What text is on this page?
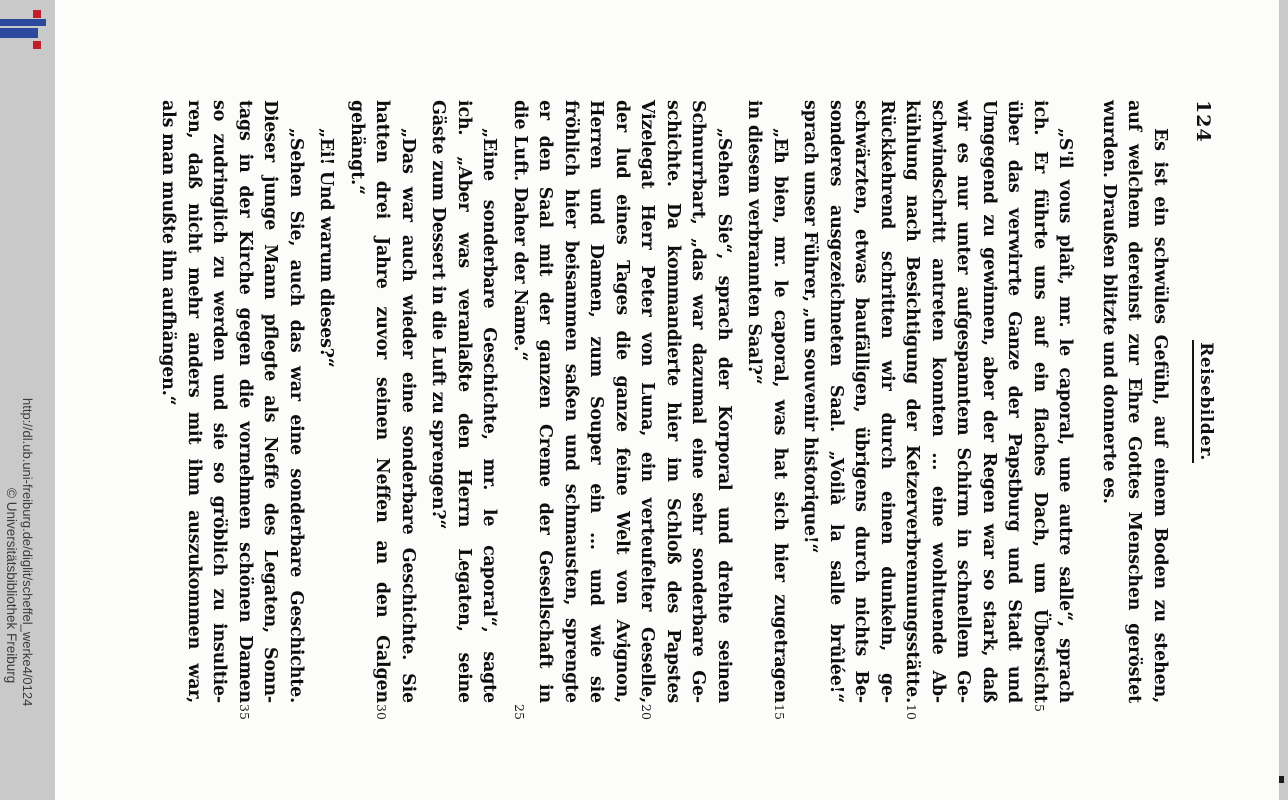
124
Reisebilder.
Es ist ein schwüles Gefühl, auf einem Boden zu stehen,
auf welchem dereinst zur Ehre Gottes Menschen geröstet
wurden. Draußen blitzte und donnerte es.
„S'il vous plaît, mr. le caporal, une autre salle“, sprach
ich. Er führte uns auf ein flaches Dach, um Übersicht
5
über das verwirrte Ganze der Papstburg und Stadt und
Umgegend zu gewinnen, aber der Regen war so stark, daß
wir es nur unter aufgespanntem Schirm in schnellem Ge-
schwindschritt antreten konnten ... eine wohltuende Ab-
kühlung nach Besichtigung der Ketzerverbrennungsstätte.
10
Rückkehrend schritten wir durch einen dunkeln, ge-
schwärzten, etwas baufälligen, übrigens durch nichts Be-
sonderes ausgezeichneten Saal. „Voilà la salle brûlée!“
sprach unser Führer, „un souvenir historique!“
„Eh bien, mr. le caporal, was hat sich hier zugetragen
15
in diesem verbrannten Saal?“
„Sehen Sie“, sprach der Korporal und drehte seinen
Schnurrbart, „das war dazumal eine sehr sonderbare Ge-
schichte. Da kommandierte hier im Schloß des Papstes
Vizelegat Herr Peter von Luna, ein verteufelter Geselle,
20
der lud eines Tages die ganze feine Welt von Avignon,
Herren und Damen, zum Souper ein ... und wie sie
fröhlich hier beisammen saßen und schmausten, sprengte
er den Saal mit der ganzen Creme der Gesellschaft in
die Luft. Daher der Name.“
25
„Eine sonderbare Geschichte, mr. le caporal“, sagte
ich. „Aber was veranlaßte den Herrn Legaten, seine
Gäste zum Dessert in die Luft zu sprengen?“
„Das war auch wieder eine sonderbare Geschichte. Sie
hatten drei Jahre zuvor seinen Neffen an den Galgen
30
gehängt.“
„Ei! Und warum dieses?“
„Sehen Sie, auch das war eine sonderbare Geschichte.
Dieser junge Mann pflegte als Neffe des Legaten, Sonn-
tags in der Kirche gegen die vornehmen schönen Damen
35
so zudringlich zu werden und sie so gröblich zu insultie-
ren, daß nicht mehr anders mit ihm auszukommen war,
als man mußte ihn aufhängen.“
http://dl.ub.uni-freiburg.de/diglit/scheffel_werke4/0124
© Universitätsbibliothek Freiburg
